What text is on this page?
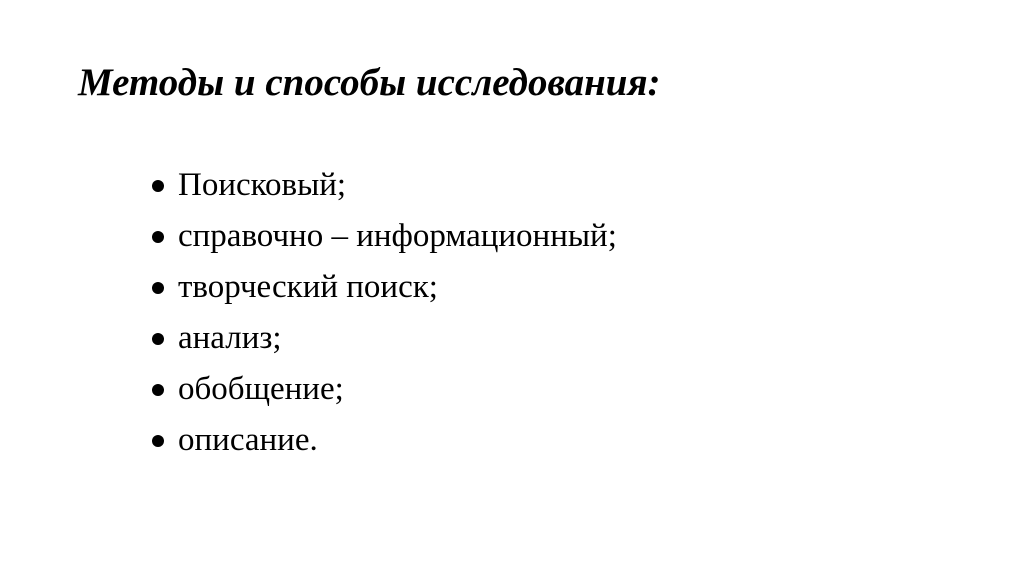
Методы и способы исследования:
Поисковый;
справочно – информационный;
творческий поиск;
анализ;
обобщение;
описание.
